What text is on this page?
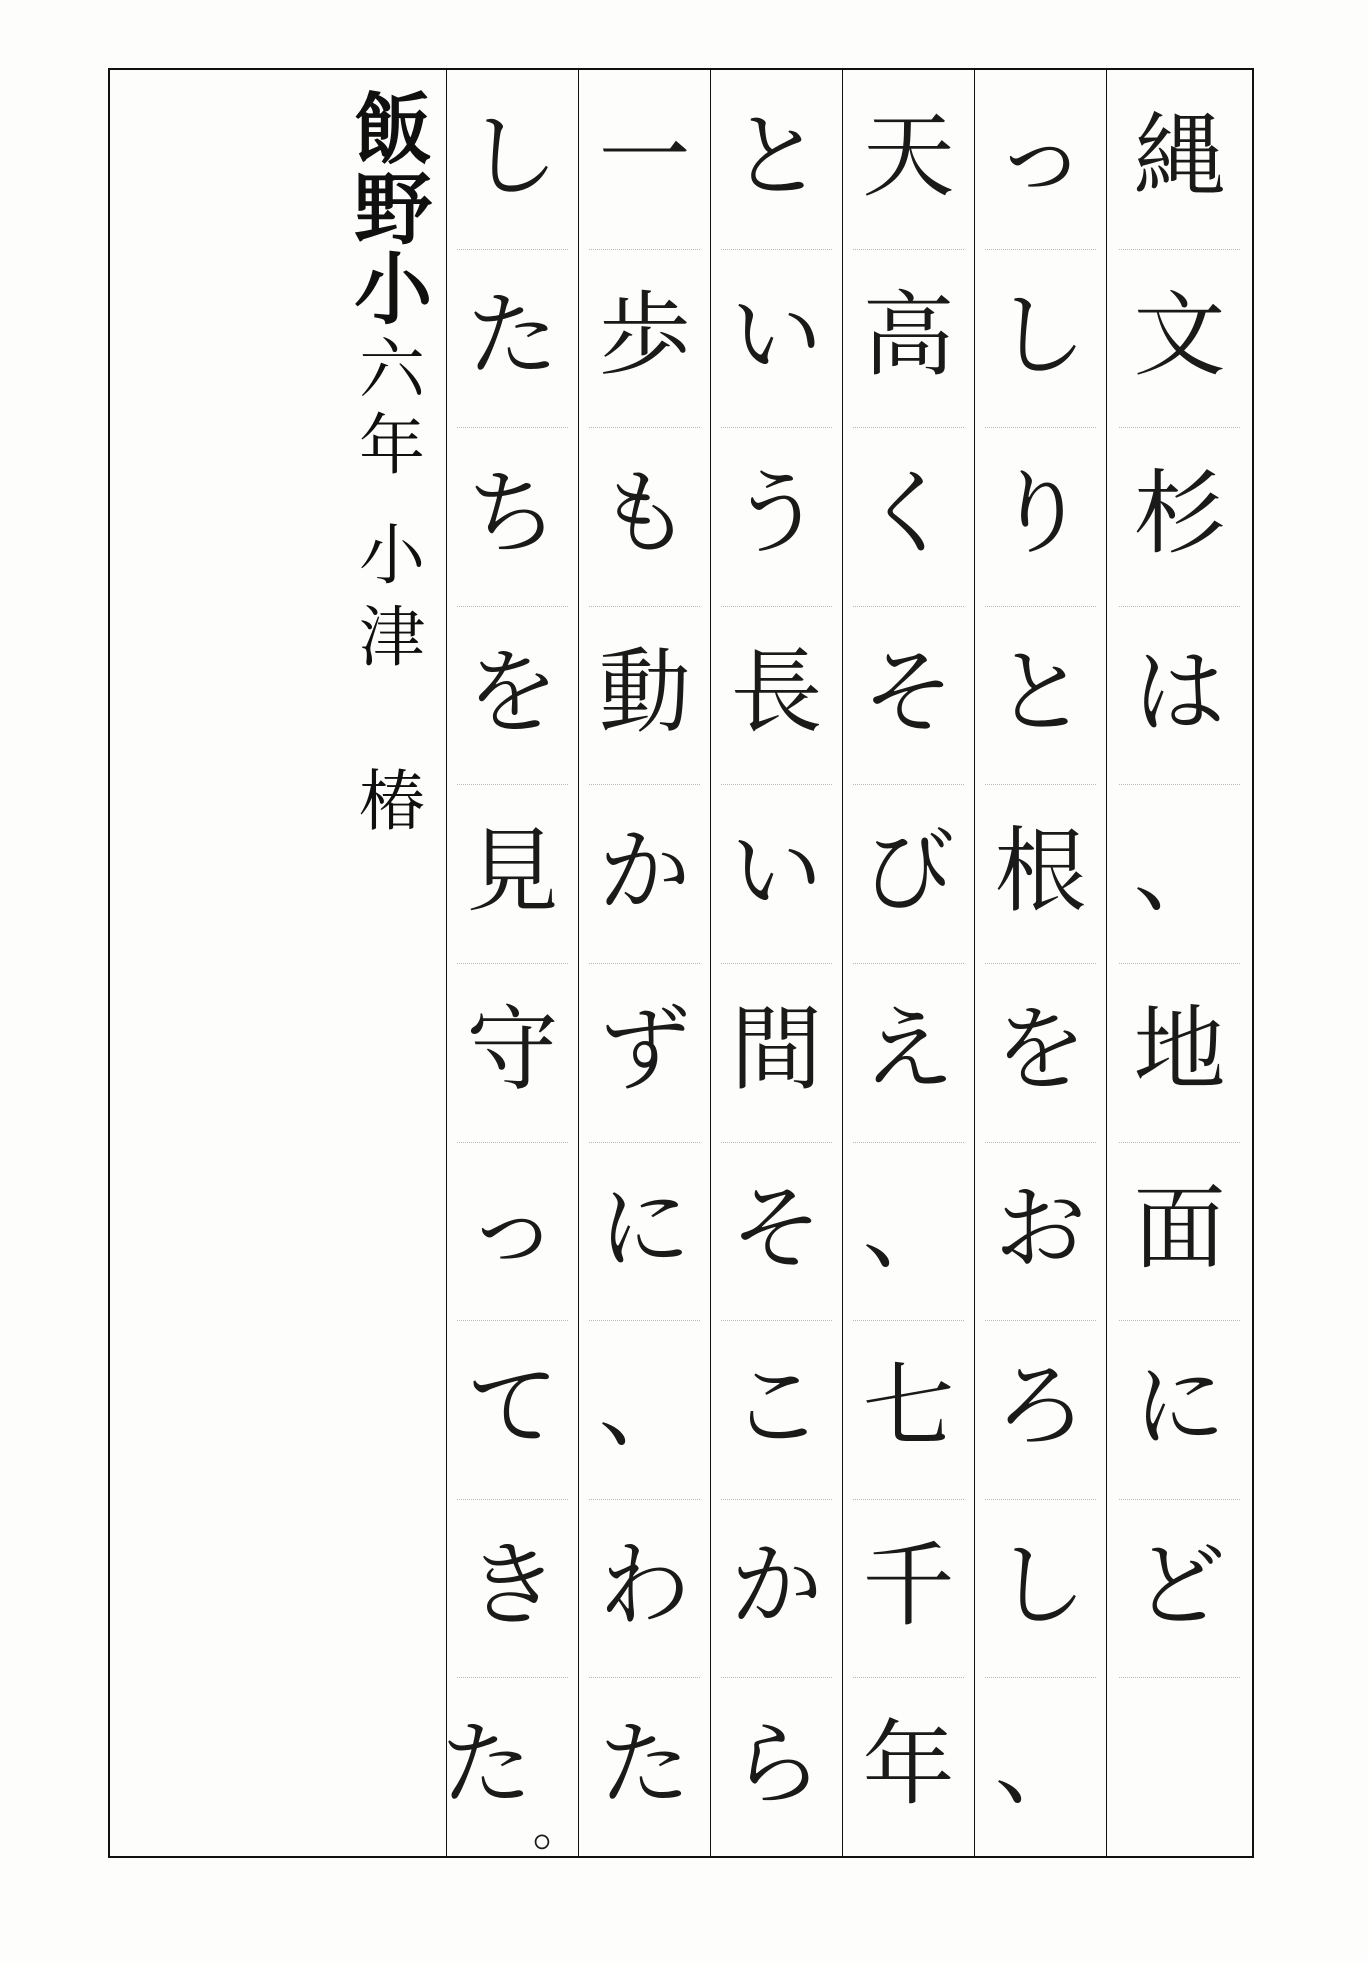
縄
文
杉
は
、
地
面
に
ど
っ
し
り
と
根
を
お
ろ
し
、
天
高
く
そ
び
え
、
七
千
年
と
い
う
長
い
間
そ
こ
か
ら
一
歩
も
動
か
ず
に
、
わ
た
し
た
ち
を
見
守
っ
て
き
た
。
飯野小
六年
小津　椿
